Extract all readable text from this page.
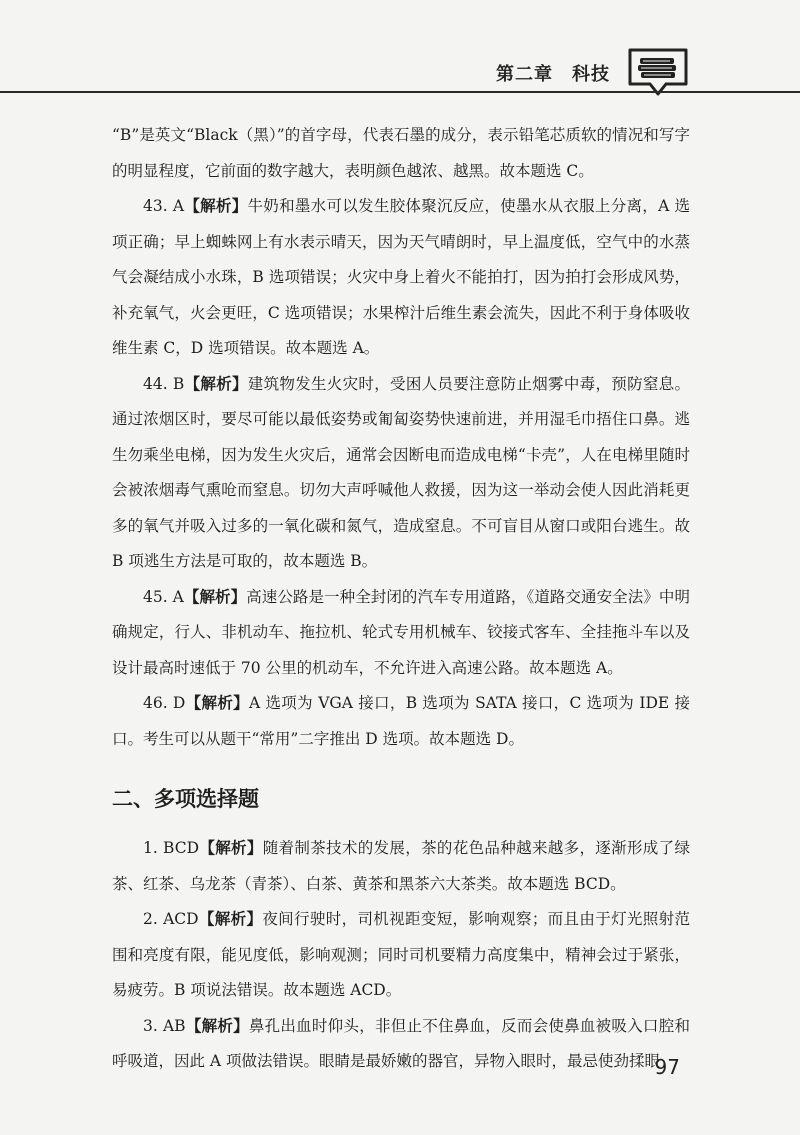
第二章　科技

“B”是英文“Black（黑）”的首字母，代表石墨的成分，表示铅笔芯质软的情况和写字的明显程度，它前面的数字越大，表明颜色越浓、越黑。故本题选 C。

43. A【解析】牛奶和墨水可以发生胶体聚沉反应，使墨水从衣服上分离，A 选项正确；早上蜘蛛网上有水表示晴天，因为天气晴朗时，早上温度低，空气中的水蒸气会凝结成小水珠，B 选项错误；火灾中身上着火不能拍打，因为拍打会形成风势，补充氧气，火会更旺，C 选项错误；水果榨汁后维生素会流失，因此不利于身体吸收维生素 C，D 选项错误。故本题选 A。

44. B【解析】建筑物发生火灾时，受困人员要注意防止烟雾中毒，预防窒息。通过浓烟区时，要尽可能以最低姿势或匍匐姿势快速前进，并用湿毛巾捂住口鼻。逃生勿乘坐电梯，因为发生火灾后，通常会因断电而造成电梯“卡壳”，人在电梯里随时会被浓烟毒气熏呛而窒息。切勿大声呼喊他人救援，因为这一举动会使人因此消耗更多的氧气并吸入过多的一氧化碳和氮气，造成窒息。不可盲目从窗口或阳台逃生。故 B 项逃生方法是可取的，故本题选 B。

45. A【解析】高速公路是一种全封闭的汽车专用道路，《道路交通安全法》中明确规定，行人、非机动车、拖拉机、轮式专用机械车、铰接式客车、全挂拖斗车以及设计最高时速低于 70 公里的机动车，不允许进入高速公路。故本题选 A。

46. D【解析】A 选项为 VGA 接口，B 选项为 SATA 接口，C 选项为 IDE 接口。考生可以从题干“常用”二字推出 D 选项。故本题选 D。

二、多项选择题

1. BCD【解析】随着制茶技术的发展，茶的花色品种越来越多，逐渐形成了绿茶、红茶、乌龙茶（青茶）、白茶、黄茶和黑茶六大茶类。故本题选 BCD。

2. ACD【解析】夜间行驶时，司机视距变短，影响观察；而且由于灯光照射范围和亮度有限，能见度低，影响观测；同时司机要精力高度集中，精神会过于紧张，易疲劳。B 项说法错误。故本题选 ACD。

3. AB【解析】鼻孔出血时仰头，非但止不住鼻血，反而会使鼻血被吸入口腔和呼吸道，因此 A 项做法错误。眼睛是最娇嫩的器官，异物入眼时，最忌使劲揉眼

97
